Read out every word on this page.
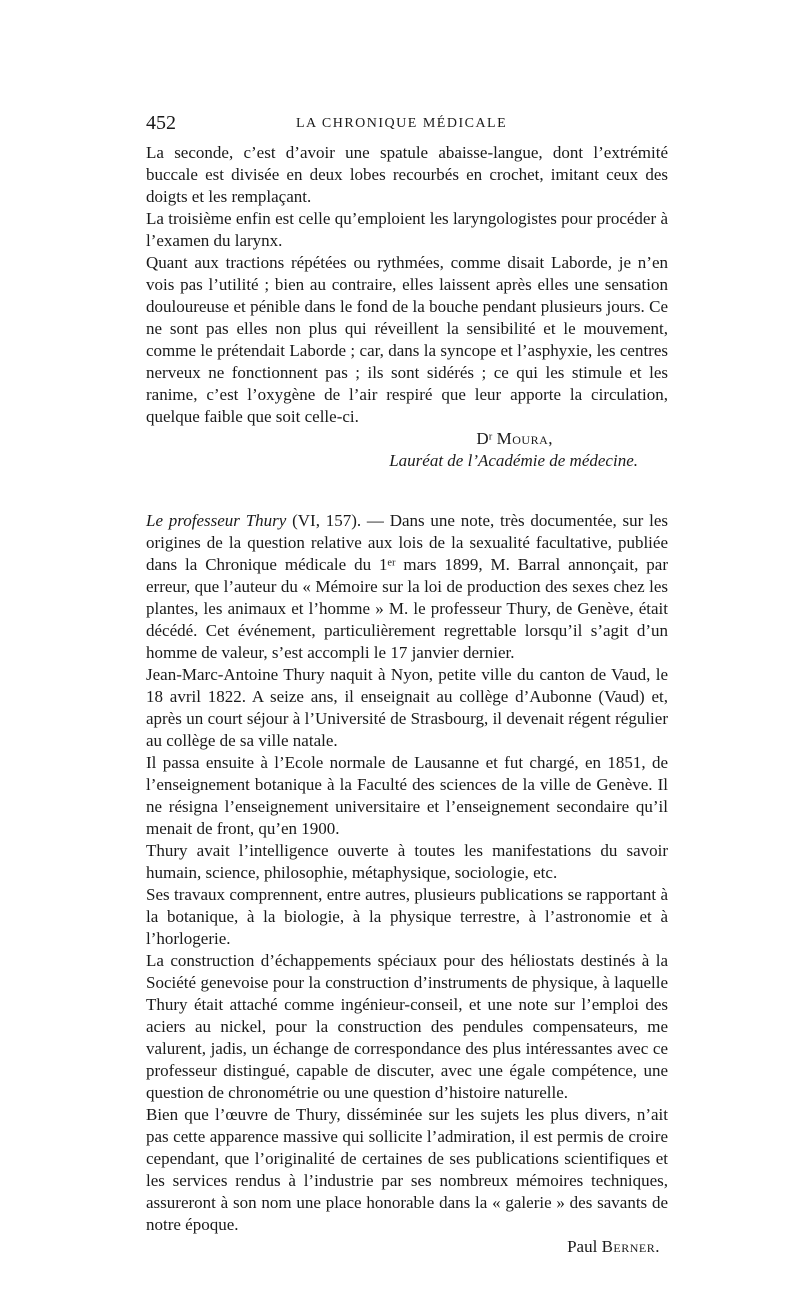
452	LA CHRONIQUE MÉDICALE

La seconde, c’est d’avoir une spatule abaisse-langue, dont l’extrémité buccale est divisée en deux lobes recourbés en crochet, imitant ceux des doigts et les remplaçant.

La troisième enfin est celle qu’emploient les laryngologistes pour procéder à l’examen du larynx.

Quant aux tractions répétées ou rythmées, comme disait Laborde, je n’en vois pas l’utilité ; bien au contraire, elles laissent après elles une sensation douloureuse et pénible dans le fond de la bouche pendant plusieurs jours. Ce ne sont pas elles non plus qui réveillent la sensibilité et le mouvement, comme le prétendait Laborde ; car, dans la syncope et l’asphyxie, les centres nerveux ne fonctionnent pas ; ils sont sidérés ; ce qui les stimule et les ranime, c’est l’oxygène de l’air respiré que leur apporte la circulation, quelque faible que soit celle-ci.

Dʳ Moura,

Lauréat de l’Académie de médecine.

Le professeur Thury (VI, 157). — Dans une note, très documentée, sur les origines de la question relative aux lois de la sexualité facultative, publiée dans la Chronique médicale du 1ᵉʳ mars 1899, M. Barral annonçait, par erreur, que l’auteur du « Mémoire sur la loi de production des sexes chez les plantes, les animaux et l’homme » M. le professeur Thury, de Genève, était décédé. Cet événement, particulièrement regrettable lorsqu’il s’agit d’un homme de valeur, s’est accompli le 17 janvier dernier.

Jean-Marc-Antoine Thury naquit à Nyon, petite ville du canton de Vaud, le 18 avril 1822. A seize ans, il enseignait au collège d’Aubonne (Vaud) et, après un court séjour à l’Université de Strasbourg, il devenait régent régulier au collège de sa ville natale.

Il passa ensuite à l’Ecole normale de Lausanne et fut chargé, en 1851, de l’enseignement botanique à la Faculté des sciences de la ville de Genève. Il ne résigna l’enseignement universitaire et l’enseignement secondaire qu’il menait de front, qu’en 1900.

Thury avait l’intelligence ouverte à toutes les manifestations du savoir humain, science, philosophie, métaphysique, sociologie, etc.

Ses travaux comprennent, entre autres, plusieurs publications se rapportant à la botanique, à la biologie, à la physique terrestre, à l’astronomie et à l’horlogerie.

La construction d’échappements spéciaux pour des héliostats destinés à la Société genevoise pour la construction d’instruments de physique, à laquelle Thury était attaché comme ingénieur-conseil, et une note sur l’emploi des aciers au nickel, pour la construction des pendules compensateurs, me valurent, jadis, un échange de correspondance des plus intéressantes avec ce professeur distingué, capable de discuter, avec une égale compétence, une question de chronométrie ou une question d’histoire naturelle.

Bien que l’œuvre de Thury, disséminée sur les sujets les plus divers, n’ait pas cette apparence massive qui sollicite l’admiration, il est permis de croire cependant, que l’originalité de certaines de ses publications scientifiques et les services rendus à l’industrie par ses nombreux mémoires techniques, assureront à son nom une place honorable dans la « galerie » des savants de notre époque.

Paul Berner.
